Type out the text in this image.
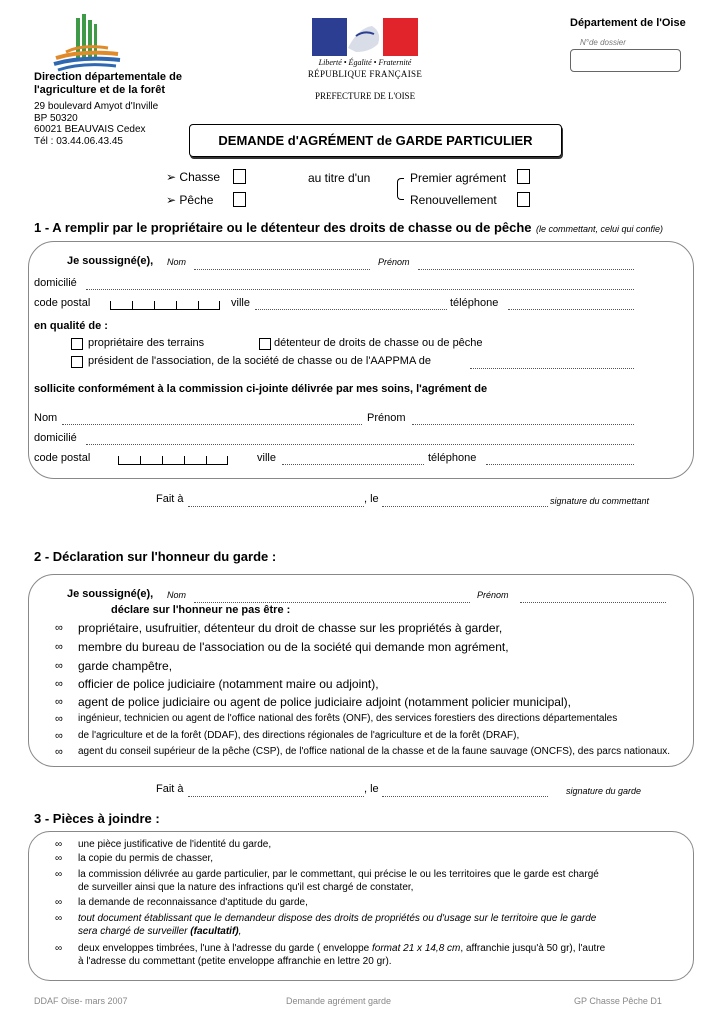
Direction départementale de
l'agriculture et de la forêt
29 boulevard Amyot d'Inville
BP 50320
60021 BEAUVAIS Cedex
Tél : 03.44.06.43.45
Liberté • Égalité • Fraternité
RÉPUBLIQUE FRANÇAISE
PREFECTURE DE L'OISE
Département de l'Oise
N°de dossier
DEMANDE d'AGRÉMENT de GARDE PARTICULIER
➢ Chasse
➢ Pêche
au titre d'un	Premier agrément
Renouvellement
1 - A remplir par le propriétaire ou le détenteur des droits de chasse ou de pêche (le commettant, celui qui confie)
Je soussigné(e), Nom	Prénom
domicilié
code postal	ville	téléphone
en qualité de :
propriétaire des terrains	détenteur de droits de chasse ou de pêche
président de l'association, de la société de chasse ou de l'AAPPMA de
sollicite conformément à la commission ci-jointe délivrée par mes soins, l'agrément de
Nom	Prénom
domicilié
code postal	ville	téléphone
Fait à	, le	signature du commettant
2 - Déclaration sur l'honneur du garde :
Je soussigné(e), Nom	Prénom
déclare sur l'honneur ne pas être :
∞ propriétaire, usufruitier, détenteur du droit de chasse sur les propriétés à garder,
∞ membre du bureau de l'association ou de la société qui demande mon agrément,
∞ garde champêtre,
∞ officier de police judiciaire (notamment maire ou adjoint),
∞ agent de police judiciaire ou agent de police judiciaire adjoint (notamment policier municipal),
∞ ingénieur, technicien ou agent de l'office national des forêts (ONF), des services forestiers des directions départementales
∞ de l'agriculture et de la forêt (DDAF), des directions régionales de l'agriculture et de la forêt (DRAF),
∞ agent du conseil supérieur de la pêche (CSP), de l'office national de la chasse et de la faune sauvage (ONCFS), des parcs nationaux.
Fait à	, le	signature du garde
3 - Pièces à joindre :
∞ une pièce justificative de l'identité du garde,
∞ la copie du permis de chasser,
∞ la commission délivrée au garde particulier, par le commettant, qui précise le ou les territoires que le garde est chargé
de surveiller ainsi que la nature des infractions qu'il est chargé de constater,
∞ la demande de reconnaissance d'aptitude du garde,
∞ tout document établissant que le demandeur dispose des droits de propriétés ou d'usage sur le territoire que le garde
sera chargé de surveiller (facultatif),
∞ deux enveloppes timbrées, l'une à l'adresse du garde ( enveloppe format 21 x 14,8 cm, affranchie jusqu'à 50 gr), l'autre
à l'adresse du commettant (petite enveloppe affranchie en lettre 20 gr).
DDAF Oise- mars 2007	Demande agrément garde	GP Chasse Pêche D1
